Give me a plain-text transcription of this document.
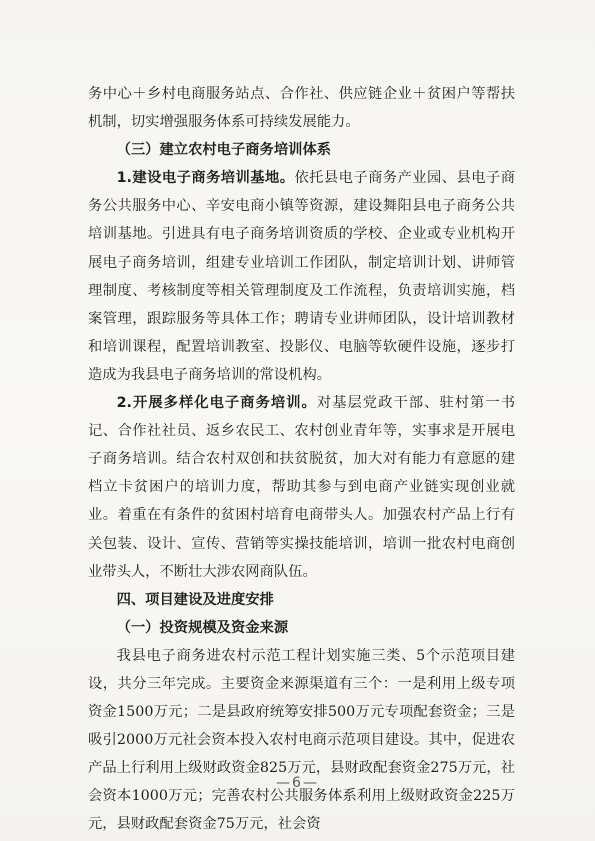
务中心＋乡村电商服务站点、合作社、供应链企业＋贫困户等帮扶机制，切实增强服务体系可持续发展能力。

（三）建立农村电子商务培训体系

1.建设电子商务培训基地。依托县电子商务产业园、县电子商务公共服务中心、辛安电商小镇等资源，建设舞阳县电子商务公共培训基地。引进具有电子商务培训资质的学校、企业或专业机构开展电子商务培训，组建专业培训工作团队，制定培训计划、讲师管理制度、考核制度等相关管理制度及工作流程，负责培训实施，档案管理，跟踪服务等具体工作；聘请专业讲师团队，设计培训教材和培训课程，配置培训教室、投影仪、电脑等软硬件设施，逐步打造成为我县电子商务培训的常设机构。

2.开展多样化电子商务培训。对基层党政干部、驻村第一书记、合作社社员、返乡农民工、农村创业青年等，实事求是开展电子商务培训。结合农村双创和扶贫脱贫，加大对有能力有意愿的建档立卡贫困户的培训力度，帮助其参与到电商产业链实现创业就业。着重在有条件的贫困村培育电商带头人。加强农村产品上行有关包装、设计、宣传、营销等实操技能培训，培训一批农村电商创业带头人，不断壮大涉农网商队伍。

四、项目建设及进度安排

（一）投资规模及资金来源

我县电子商务进农村示范工程计划实施三类、5个示范项目建设，共分三年完成。主要资金来源渠道有三个：一是利用上级专项资金1500万元；二是县政府统筹安排500万元专项配套资金；三是吸引2000万元社会资本投入农村电商示范项目建设。其中，促进农产品上行利用上级财政资金825万元，县财政配套资金275万元，社会资本1000万元；完善农村公共服务体系利用上级财政资金225万元，县财政配套资金75万元，社会资

—6—
